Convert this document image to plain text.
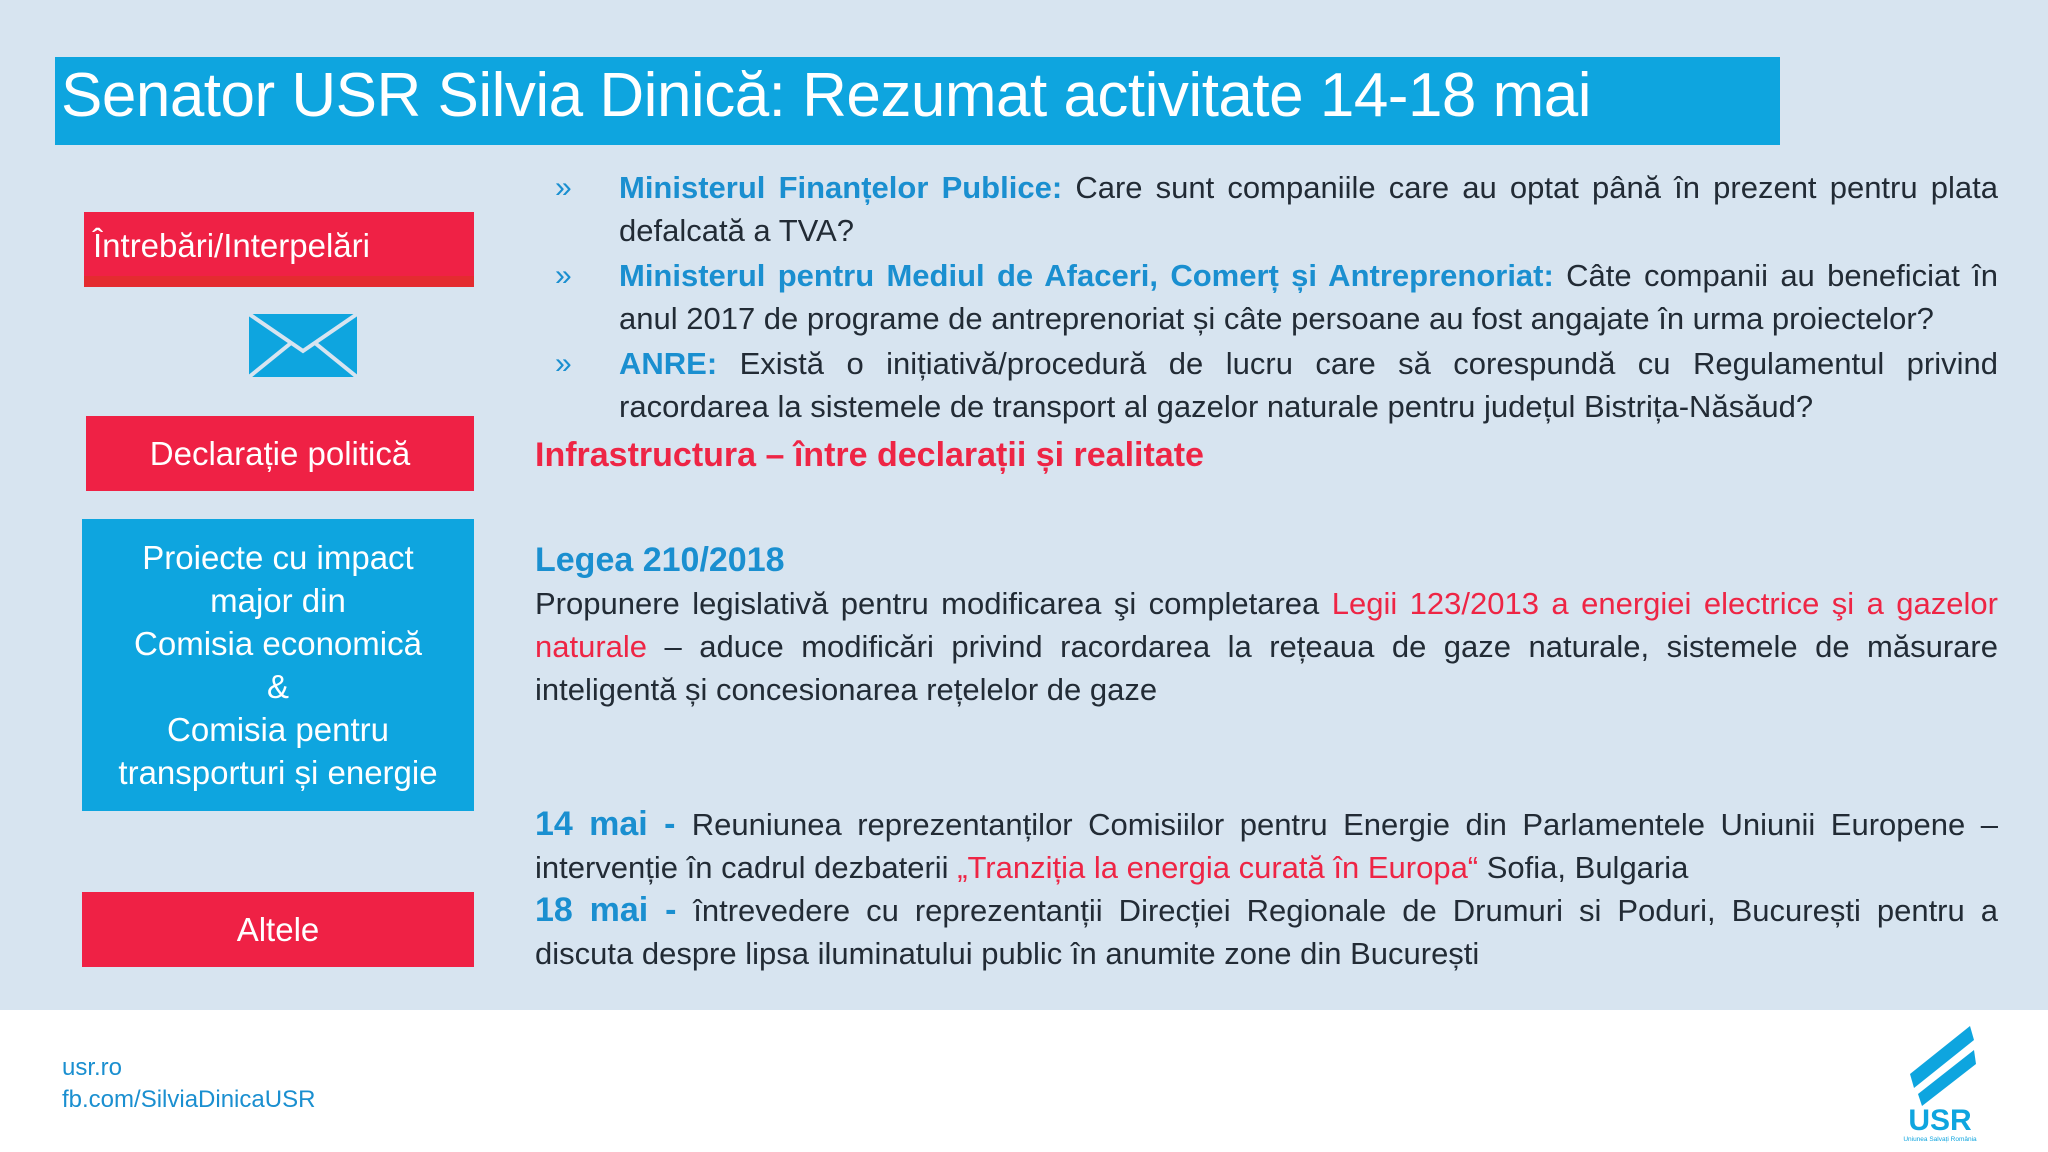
Senator USR Silvia Dinică: Rezumat activitate 14-18 mai
Întrebări/Interpelări
Declarație politică
Proiecte cu impact
major din
Comisia economică
&
Comisia pentru
transporturi și energie
Altele
» Ministerul Finanțelor Publice: Care sunt companiile care au optat până în prezent pentru plata defalcată a TVA?
» Ministerul pentru Mediul de Afaceri, Comerț și Antreprenoriat: Câte companii au beneficiat în anul 2017 de programe de antreprenoriat și câte persoane au fost angajate în urma proiectelor?
» ANRE: Există o inițiativă/procedură de lucru care să corespundă cu Regulamentul privind racordarea la sistemele de transport al gazelor naturale pentru județul Bistrița-Năsăud?
Infrastructura – între declarații și realitate
Legea 210/2018
Propunere legislativă pentru modificarea şi completarea Legii 123/2013 a energiei electrice şi a gazelor naturale – aduce modificări privind racordarea la rețeaua de gaze naturale, sistemele de măsurare inteligentă și concesionarea rețelelor de gaze
14 mai - Reuniunea reprezentanților Comisiilor pentru Energie din Parlamentele Uniunii Europene – intervenție în cadrul dezbaterii „Tranziția la energia curată în Europa“ Sofia, Bulgaria
18 mai - întrevedere cu reprezentanții Direcției Regionale de Drumuri si Poduri, București pentru a discuta despre lipsa iluminatului public în anumite zone din București
usr.ro
fb.com/SilviaDinicaUSR
USR
Uniunea Salvați România
